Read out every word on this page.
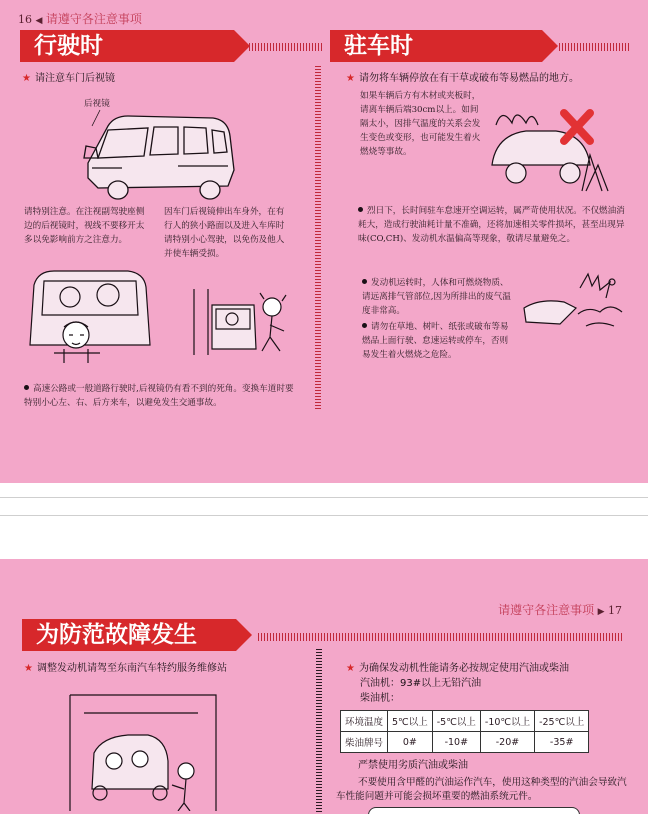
16 ◀ 请遵守各注意事项
行驶时	驻车时
★ 请注意车门后视镜
后视镜
请特别注意。在注视副驾驶座侧边的后视镜时，视线不要移开太多以免影响前方之注意力。
因车门后视镜伸出车身外，在有行人的狭小路面以及进入车库时请特别小心驾驶，以免伤及他人并使车辆受损。
高速公路或一般道路行驶时,后视镜仍有看不到的死角。变换车道时要特别小心左、右、后方来车，以避免发生交通事故。
★ 请勿将车辆停放在有干草或破布等易燃品的地方。
如果车辆后方有木材或夹板时，请离车辆后端30cm以上。如间隔太小，因排气温度的关系会发生变色或变形，也可能发生着火燃烧等事故。
烈日下，长时间驻车怠速开空调运转，属严苛使用状况。不仅燃油消耗大，造成行驶油耗计量不准确，还将加速相关零件损坏，甚至出现异味(CO,CH)、发动机水温偏高等现象，敬请尽量避免之。
发动机运转时，人体和可燃烧物质、请远离排气管部位,因为所排出的废气温度非常高。
请勿在草地、树叶、纸张或破布等易燃品上面行驶、怠速运转或停车，否则易发生着火燃烧之危险。
请遵守各注意事项 ▶ 17
为防范故障发生
★ 调整发动机请驾至东南汽车特约服务维修站	★ 为确保发动机性能请务必按规定使用汽油或柴油
汽油机：93#以上无铅汽油
柴油机：
环境温度	5℃以上	-5℃以上	-10℃以上	-25℃以上
柴油牌号	0#	-10#	-20#	-35#
严禁使用劣质汽油或柴油
不要使用含甲醛的汽油运作汽车，使用这种类型的汽油会导致汽车性能问题并可能会损坏重要的燃油系统元件。
